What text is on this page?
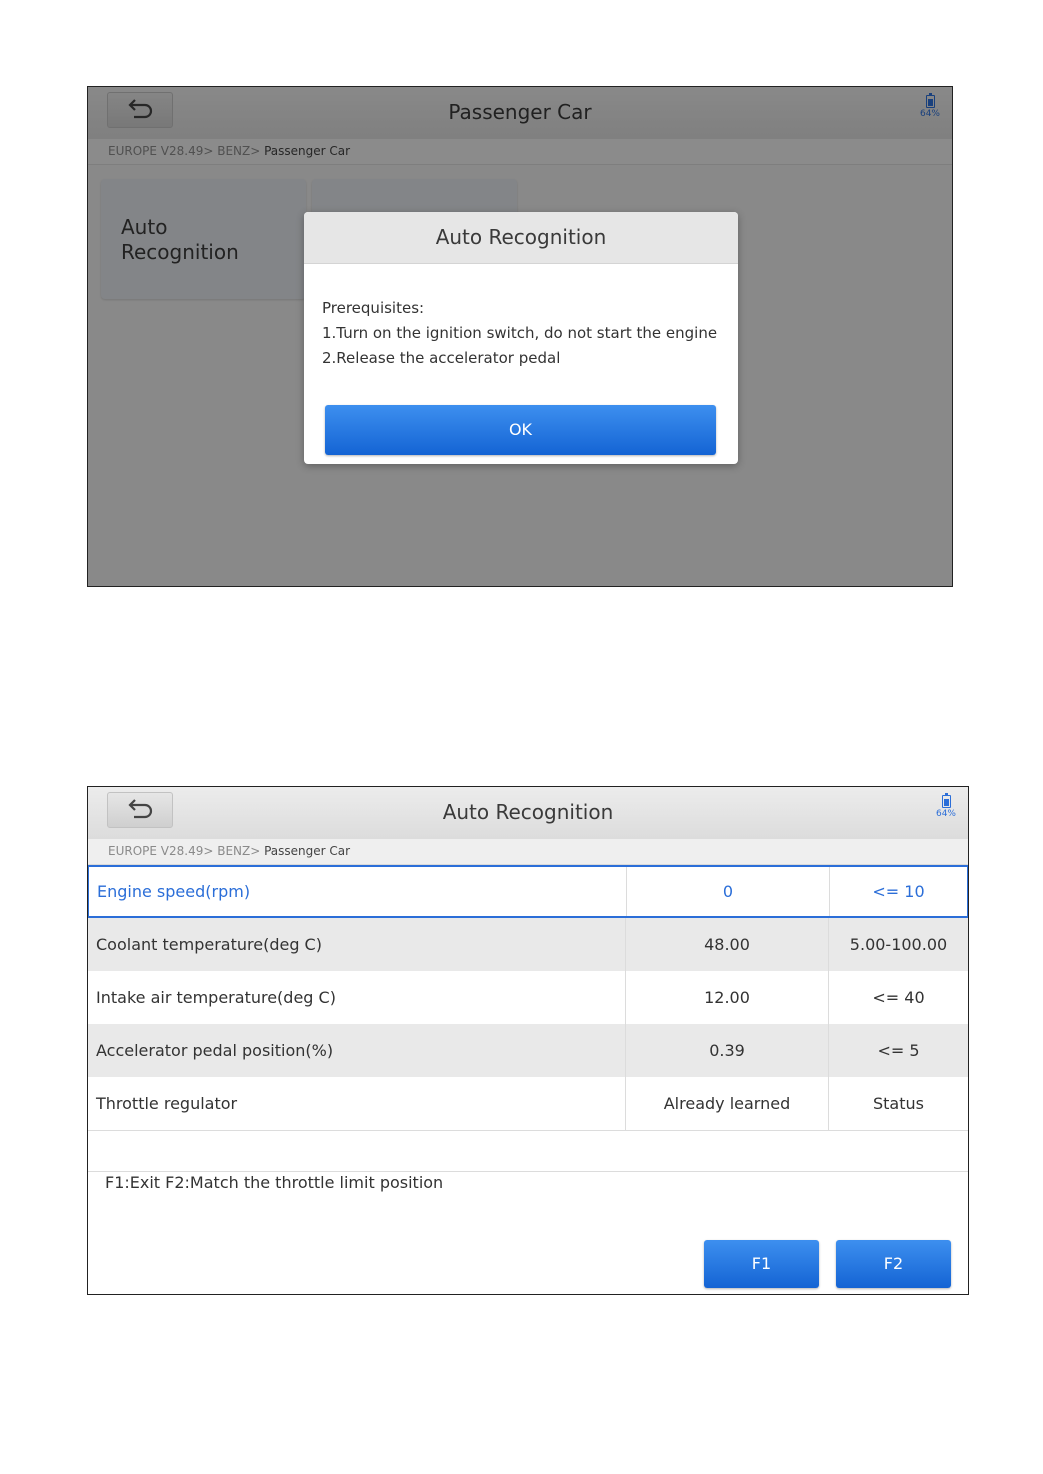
Passenger Car	64%
EUROPE V28.49> BENZ> Passenger Car
Auto
Recognition
Auto Recognition
Prerequisites:
1.Turn on the ignition switch, do not start the engine
2.Release the accelerator pedal
OK
Auto Recognition	64%
EUROPE V28.49> BENZ> Passenger Car
Engine speed(rpm)	0	<= 10
Coolant temperature(deg C)	48.00	5.00-100.00
Intake air temperature(deg C)	12.00	<= 40
Accelerator pedal position(%)	0.39	<= 5
Throttle regulator	Already learned	Status
F1:Exit F2:Match the throttle limit position
F1	F2
